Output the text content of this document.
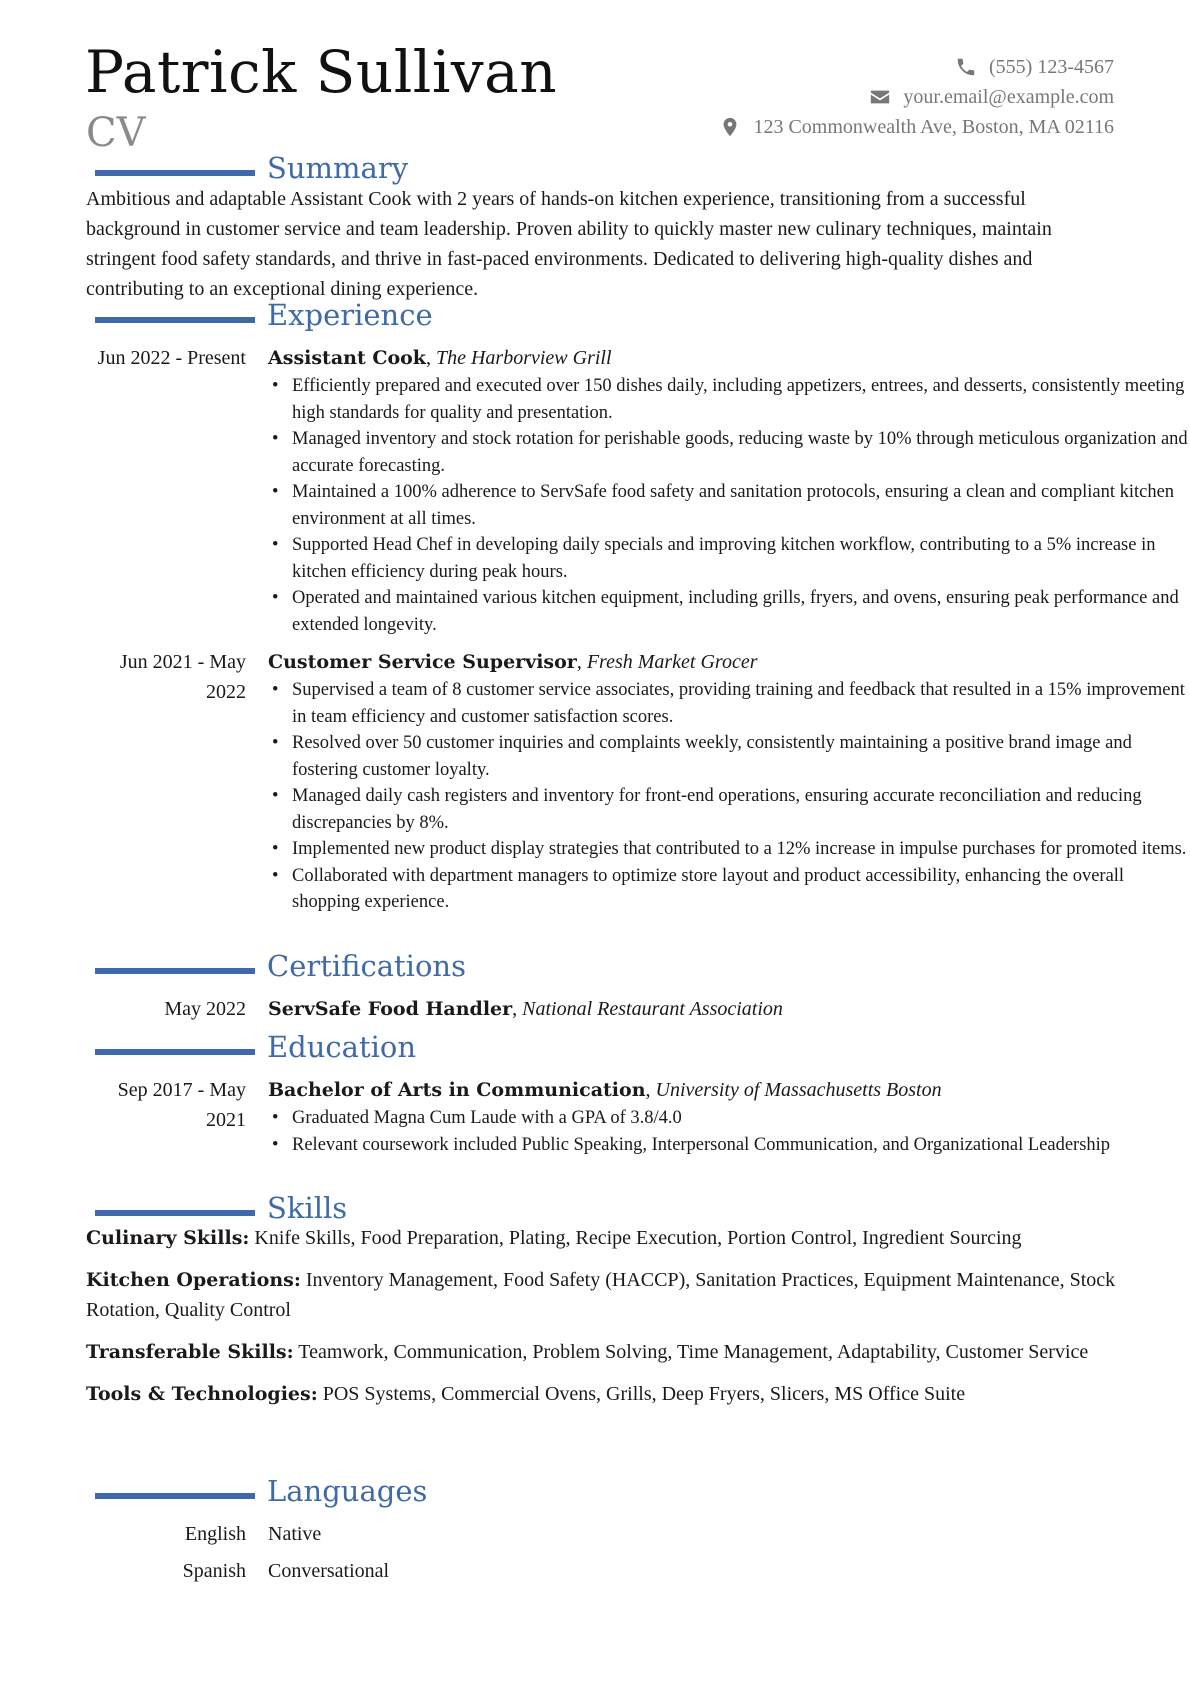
Patrick Sullivan
CV
(555) 123-4567
your.email@example.com
123 Commonwealth Ave, Boston, MA 02116
Summary
Ambitious and adaptable Assistant Cook with 2 years of hands-on kitchen experience, transitioning from a successful background in customer service and team leadership. Proven ability to quickly master new culinary techniques, maintain stringent food safety standards, and thrive in fast-paced environments. Dedicated to delivering high-quality dishes and contributing to an exceptional dining experience.
Experience
Jun 2022 - Present Assistant Cook, The Harborview Grill
• Efficiently prepared and executed over 150 dishes daily, including appetizers, entrees, and desserts, consistently meeting high standards for quality and presentation.
• Managed inventory and stock rotation for perishable goods, reducing waste by 10% through meticulous organization and accurate forecasting.
• Maintained a 100% adherence to ServSafe food safety and sanitation protocols, ensuring a clean and compliant kitchen environment at all times.
• Supported Head Chef in developing daily specials and improving kitchen workflow, contributing to a 5% increase in kitchen efficiency during peak hours.
• Operated and maintained various kitchen equipment, including grills, fryers, and ovens, ensuring peak performance and extended longevity.
Jun 2021 - May 2022
Customer Service Supervisor, Fresh Market Grocer
• Supervised a team of 8 customer service associates, providing training and feedback that resulted in a 15% improvement in team efficiency and customer satisfaction scores.
• Resolved over 50 customer inquiries and complaints weekly, consistently maintaining a positive brand image and fostering customer loyalty.
• Managed daily cash registers and inventory for front-end operations, ensuring accurate reconciliation and reducing discrepancies by 8%.
• Implemented new product display strategies that contributed to a 12% increase in impulse purchases for promoted items.
• Collaborated with department managers to optimize store layout and product accessibility, enhancing the overall shopping experience.
Certifications
May 2022 ServSafe Food Handler, National Restaurant Association
Education
Sep 2017 - May 2021
Bachelor of Arts in Communication, University of Massachusetts Boston
• Graduated Magna Cum Laude with a GPA of 3.8/4.0
• Relevant coursework included Public Speaking, Interpersonal Communication, and Organizational Leadership
Skills

Culinary Skills: Knife Skills, Food Preparation, Plating, Recipe Execution, Portion Control, Ingredient Sourcing

Kitchen Operations: Inventory Management, Food Safety (HACCP), Sanitation Practices, Equipment Maintenance, Stock Rotation, Quality Control

Transferable Skills: Teamwork, Communication, Problem Solving, Time Management, Adaptability, Customer Service

Tools & Technologies: POS Systems, Commercial Ovens, Grills, Deep Fryers, Slicers, MS Office Suite

Languages
English Native
Spanish Conversational
